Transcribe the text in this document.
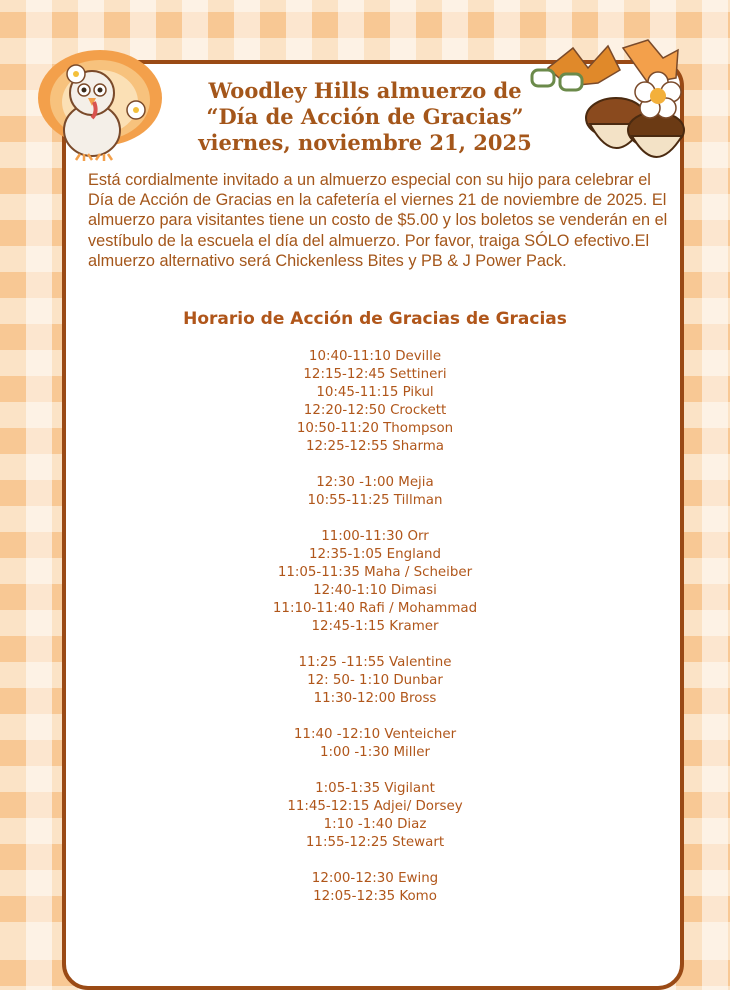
Woodley Hills almuerzo de
“Día de Acción de Gracias”
viernes, noviembre 21, 2025
Está cordialmente invitado a un almuerzo especial con su hijo para celebrar el Día de Acción de Gracias en la cafetería el viernes 21 de noviembre de 2025. El almuerzo para visitantes tiene un costo de $5.00 y los boletos se venderán en el vestíbulo de la escuela el día del almuerzo. Por favor, traiga SÓLO efectivo.El almuerzo alternativo será Chickenless Bites y PB & J Power Pack.
Horario de Acción de Gracias de Gracias
10:40-11:10 Deville
12:15-12:45 Settineri
10:45-11:15 Pikul
12:20-12:50 Crockett
10:50-11:20 Thompson
12:25-12:55 Sharma
12:30 -1:00 Mejia
10:55-11:25 Tillman
11:00-11:30 Orr
12:35-1:05 England
11:05-11:35 Maha / Scheiber
12:40-1:10 Dimasi
11:10-11:40 Rafi / Mohammad
12:45-1:15 Kramer
11:25 -11:55 Valentine
12: 50- 1:10 Dunbar
11:30-12:00 Bross
11:40 -12:10 Venteicher
1:00 -1:30 Miller
1:05-1:35 Vigilant
11:45-12:15 Adjei/ Dorsey
1:10 -1:40 Diaz
11:55-12:25 Stewart
12:00-12:30 Ewing
12:05-12:35 Komo
